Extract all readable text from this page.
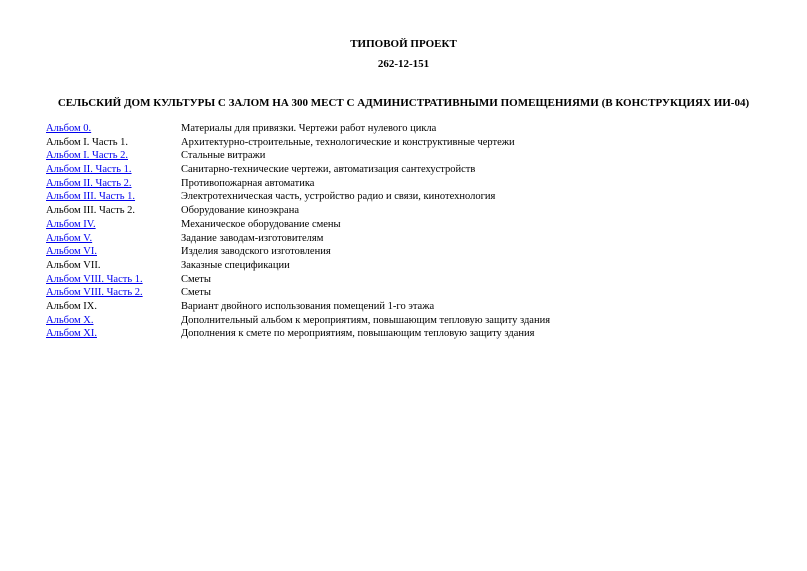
ТИПОВОЙ ПРОЕКТ
262-12-151
СЕЛЬСКИЙ ДОМ КУЛЬТУРЫ С ЗАЛОМ НА 300 МЕСТ С АДМИНИСТРАТИВНЫМИ ПОМЕЩЕНИЯМИ (В КОНСТРУКЦИЯХ ИИ-04)
Альбом 0.	Материалы для привязки. Чертежи работ нулевого цикла
Альбом I. Часть 1.	Архитектурно-строительные, технологические и конструктивные чертежи
Альбом I. Часть 2.	Стальные витражи
Альбом II. Часть 1.	Санитарно-технические чертежи, автоматизация сантехустройств
Альбом II. Часть 2.	Противопожарная автоматика
Альбом III. Часть 1.	Электротехническая часть, устройство радио и связи, кинотехнология
Альбом III. Часть 2.	Оборудование киноэкрана
Альбом IV.	Механическое оборудование смены
Альбом V.	Задание заводам-изготовителям
Альбом VI.	Изделия заводского изготовления
Альбом VII.	Заказные спецификации
Альбом VIII. Часть 1.	Сметы
Альбом VIII. Часть 2.	Сметы
Альбом IX.	Вариант двойного использования помещений 1-го этажа
Альбом X.	Дополнительный альбом к мероприятиям, повышающим тепловую защиту здания
Альбом XI.	Дополнения к смете по мероприятиям, повышающим тепловую защиту здания
